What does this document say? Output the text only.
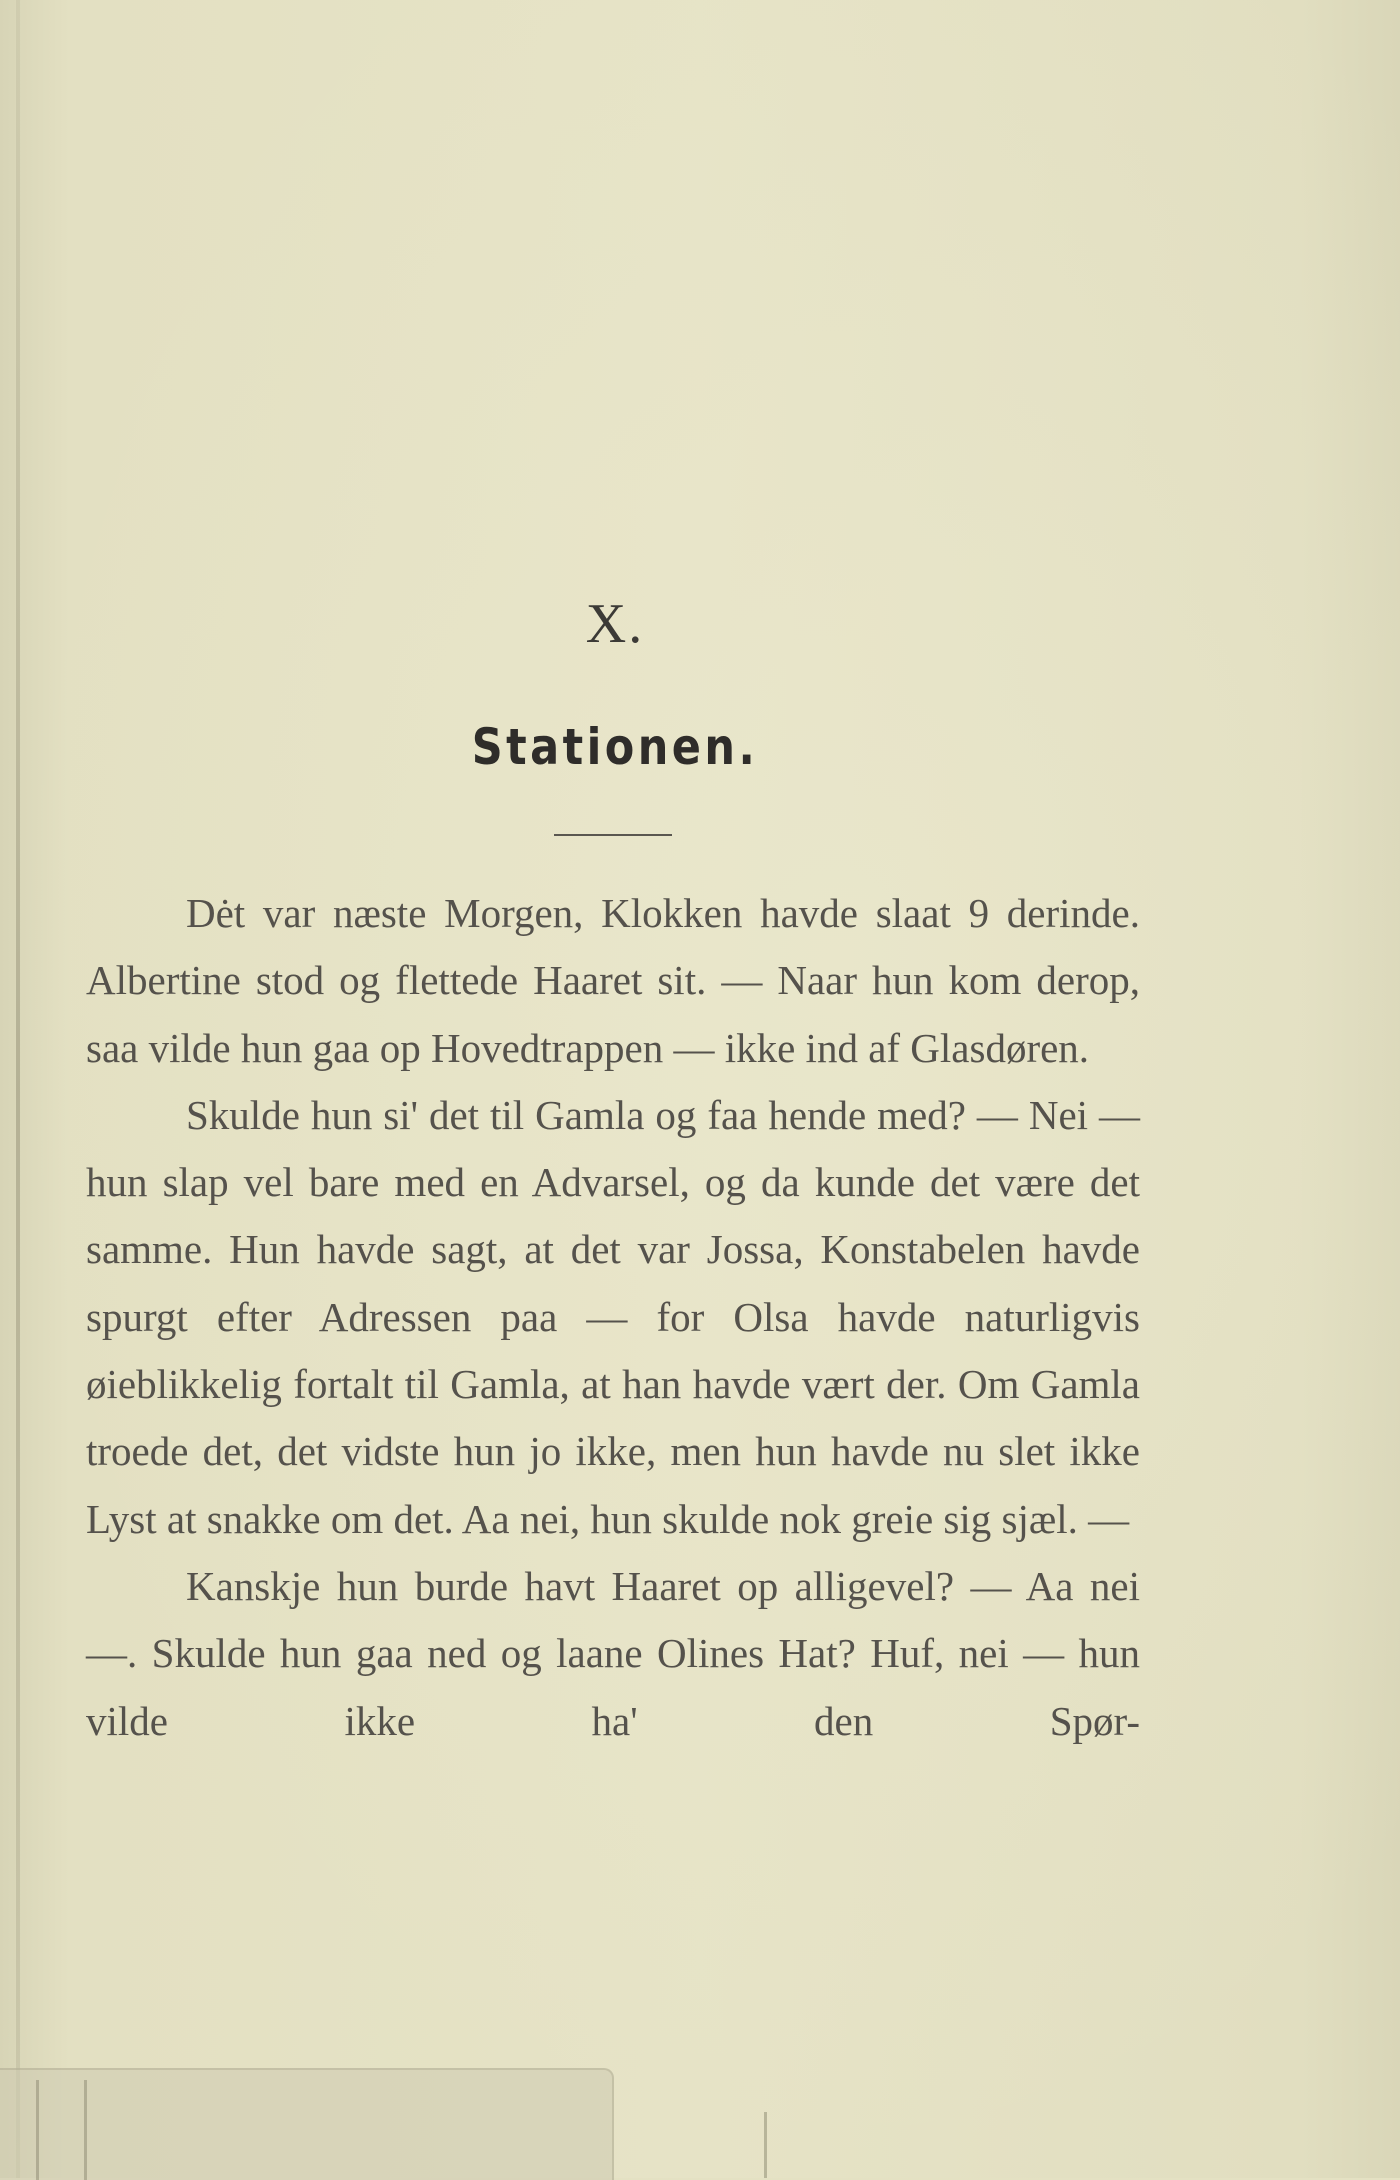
X.
Stationen.

Dėt var næste Morgen, Klokken havde slaat 9 derinde. Albertine stod og flettede Haaret sit. — Naar hun kom derop, saa vilde hun gaa op Hovedtrappen — ikke ind af Glasdøren.

Skulde hun si' det til Gamla og faa hende med? — Nei — hun slap vel bare med en Advarsel, og da kunde det være det samme. Hun havde sagt, at det var Jossa, Konstabelen havde spurgt efter Adressen paa — for Olsa havde naturligvis øieblikkelig fortalt til Gamla, at han havde vært der. Om Gamla troede det, det vidste hun jo ikke, men hun havde nu slet ikke Lyst at snakke om det. Aa nei, hun skulde nok greie sig sjæl. —

Kanskje hun burde havt Haaret op alligevel? — Aa nei —. Skulde hun gaa ned og laane Olines Hat? Huf, nei — hun vilde ikke ha' den Spør-
